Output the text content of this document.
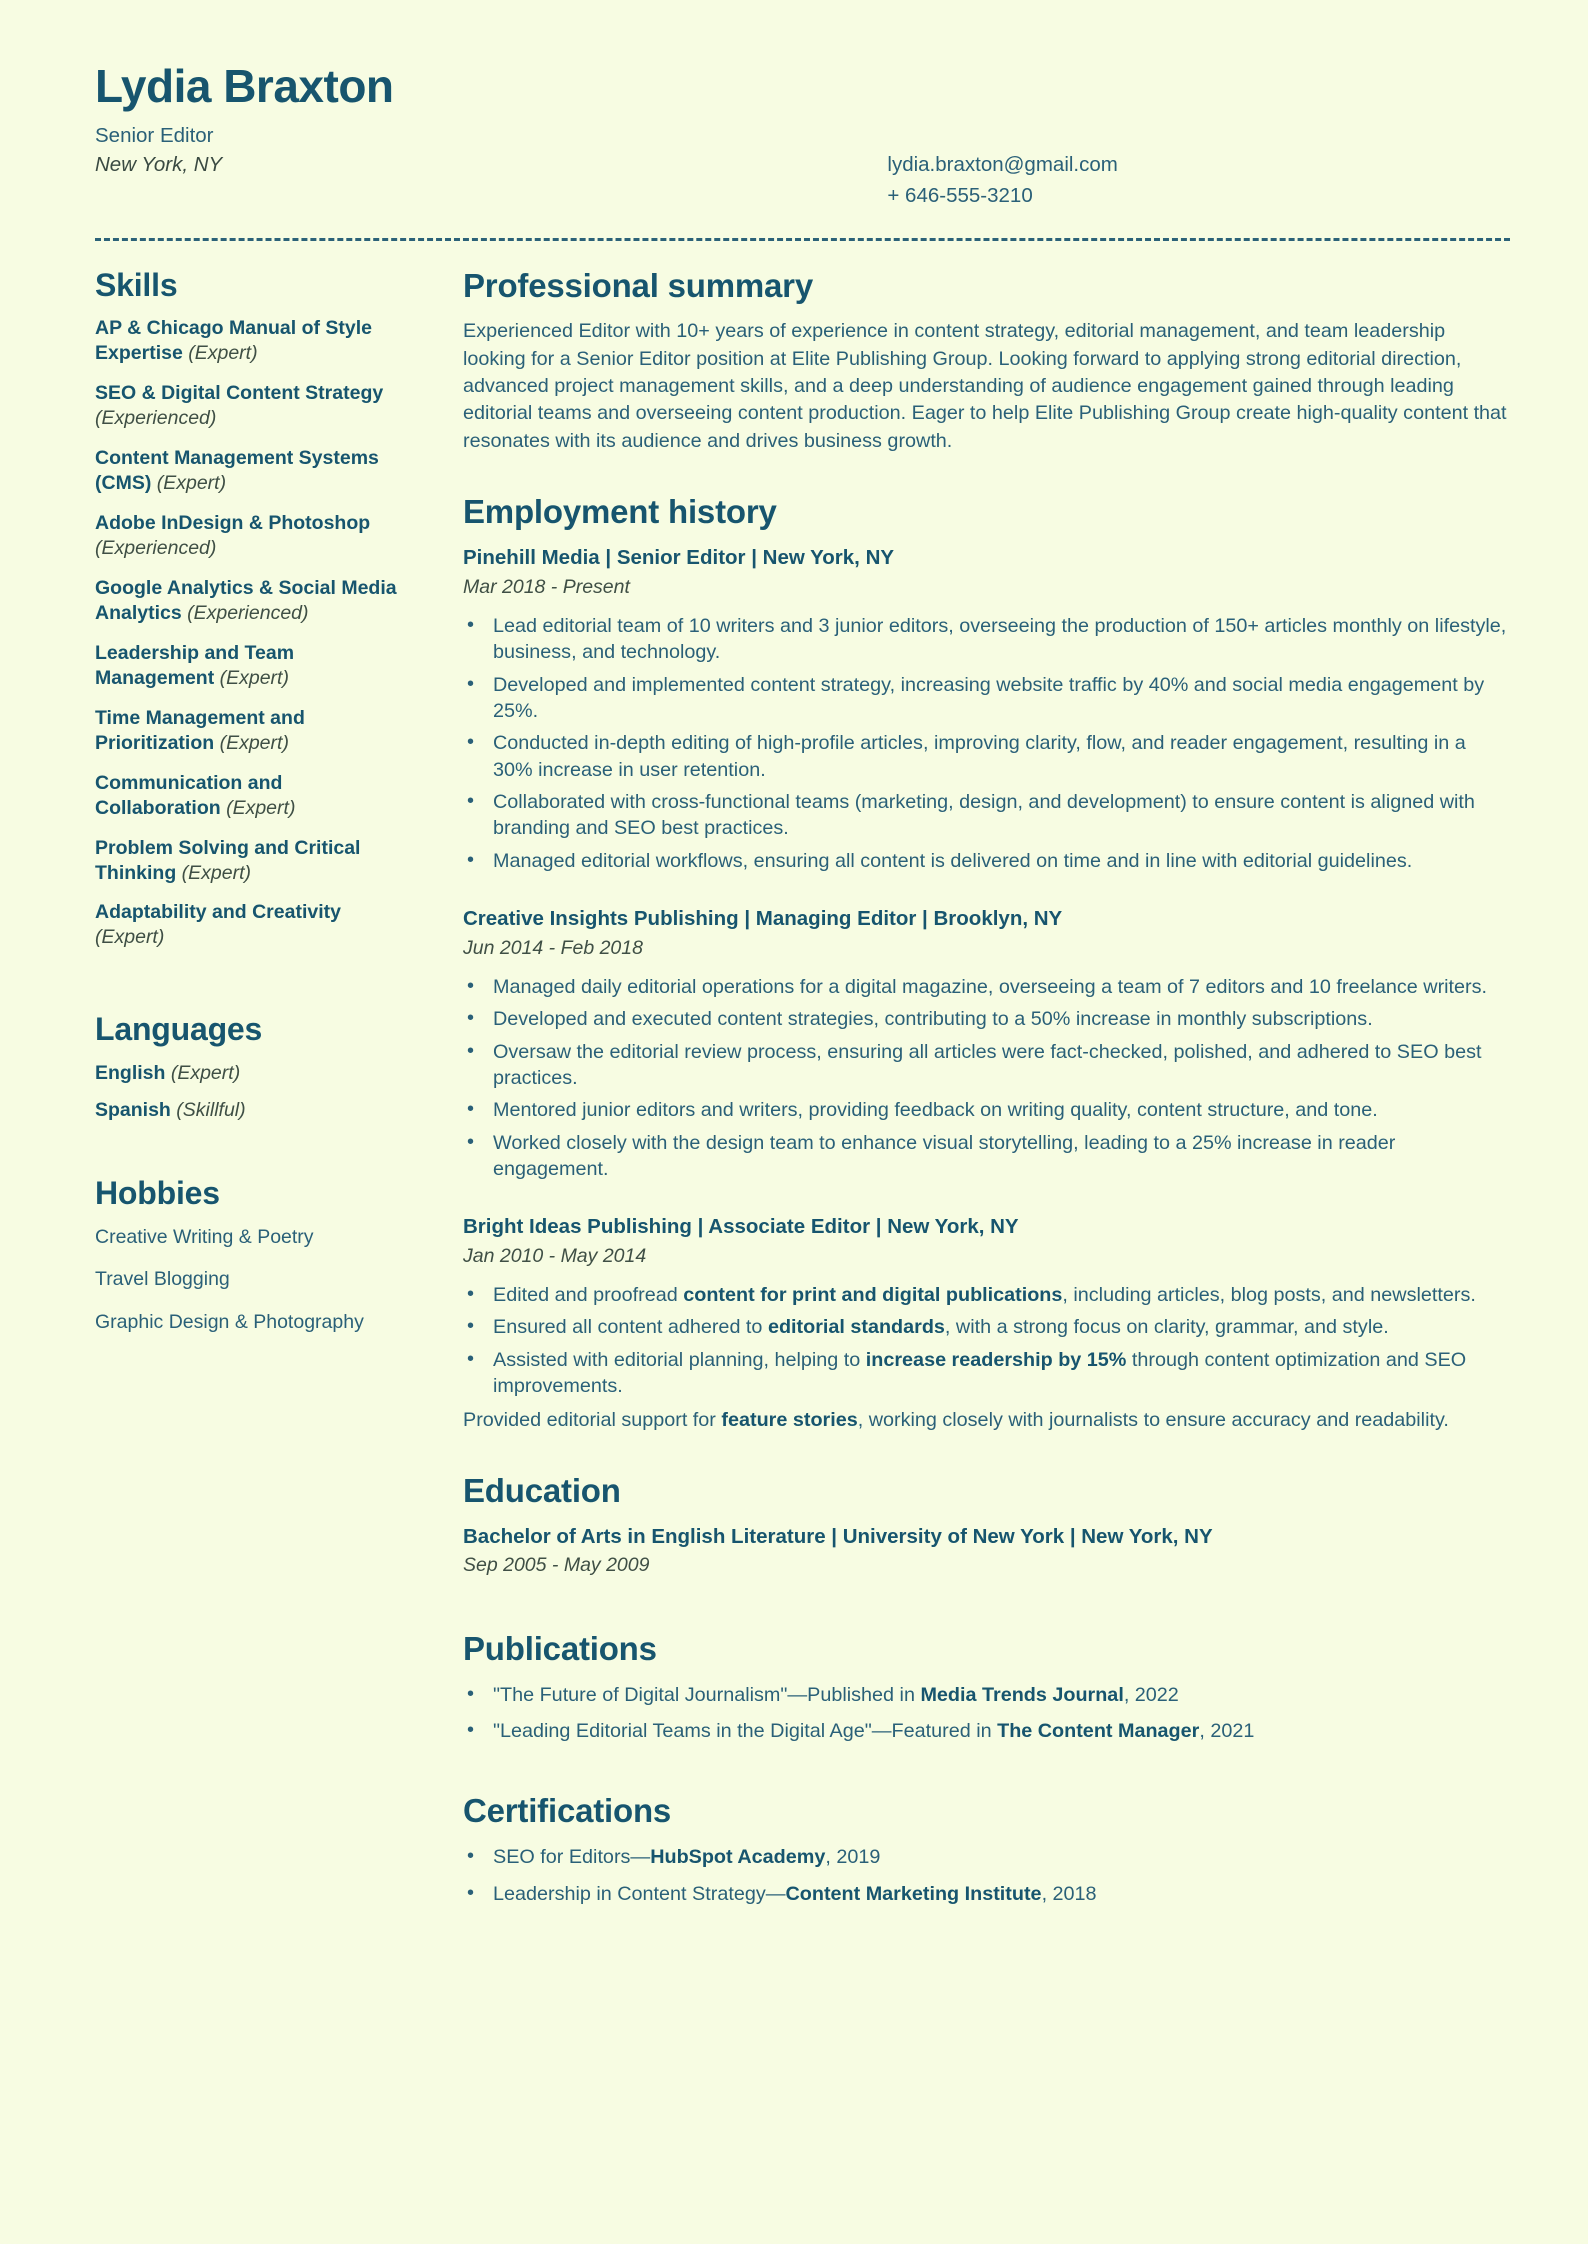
Lydia Braxton
Senior Editor
New York, NY	lydia.braxton@gmail.com
+ 646-555-3210
Skills
AP & Chicago Manual of Style Expertise (Expert)
SEO & Digital Content Strategy (Experienced)
Content Management Systems (CMS) (Expert)
Adobe InDesign & Photoshop (Experienced)
Google Analytics & Social Media Analytics (Experienced)
Leadership and Team Management (Expert)
Time Management and Prioritization (Expert)
Communication and Collaboration (Expert)
Problem Solving and Critical Thinking (Expert)
Adaptability and Creativity (Expert)
Languages
English (Expert)
Spanish (Skillful)
Hobbies
Creative Writing & Poetry
Travel Blogging
Graphic Design & Photography
Professional summary
Experienced Editor with 10+ years of experience in content strategy, editorial management, and team leadership looking for a Senior Editor position at Elite Publishing Group. Looking forward to applying strong editorial direction, advanced project management skills, and a deep understanding of audience engagement gained through leading editorial teams and overseeing content production. Eager to help Elite Publishing Group create high-quality content that resonates with its audience and drives business growth.
Employment history
Pinehill Media | Senior Editor | New York, NY
Mar 2018 - Present
• Lead editorial team of 10 writers and 3 junior editors, overseeing the production of 150+ articles monthly on lifestyle, business, and technology.
• Developed and implemented content strategy, increasing website traffic by 40% and social media engagement by 25%.
• Conducted in-depth editing of high-profile articles, improving clarity, flow, and reader engagement, resulting in a 30% increase in user retention.
• Collaborated with cross-functional teams (marketing, design, and development) to ensure content is aligned with branding and SEO best practices.
• Managed editorial workflows, ensuring all content is delivered on time and in line with editorial guidelines.
Creative Insights Publishing | Managing Editor | Brooklyn, NY
Jun 2014 - Feb 2018
• Managed daily editorial operations for a digital magazine, overseeing a team of 7 editors and 10 freelance writers.
• Developed and executed content strategies, contributing to a 50% increase in monthly subscriptions.
• Oversaw the editorial review process, ensuring all articles were fact-checked, polished, and adhered to SEO best practices.
• Mentored junior editors and writers, providing feedback on writing quality, content structure, and tone.
• Worked closely with the design team to enhance visual storytelling, leading to a 25% increase in reader engagement.
Bright Ideas Publishing | Associate Editor | New York, NY
Jan 2010 - May 2014
• Edited and proofread content for print and digital publications, including articles, blog posts, and newsletters.
• Ensured all content adhered to editorial standards, with a strong focus on clarity, grammar, and style.
• Assisted with editorial planning, helping to increase readership by 15% through content optimization and SEO improvements.
Provided editorial support for feature stories, working closely with journalists to ensure accuracy and readability.
Education
Bachelor of Arts in English Literature | University of New York | New York, NY
Sep 2005 - May 2009
Publications
• "The Future of Digital Journalism"—Published in Media Trends Journal, 2022
• "Leading Editorial Teams in the Digital Age"—Featured in The Content Manager, 2021
Certifications
• SEO for Editors—HubSpot Academy, 2019
• Leadership in Content Strategy—Content Marketing Institute, 2018
